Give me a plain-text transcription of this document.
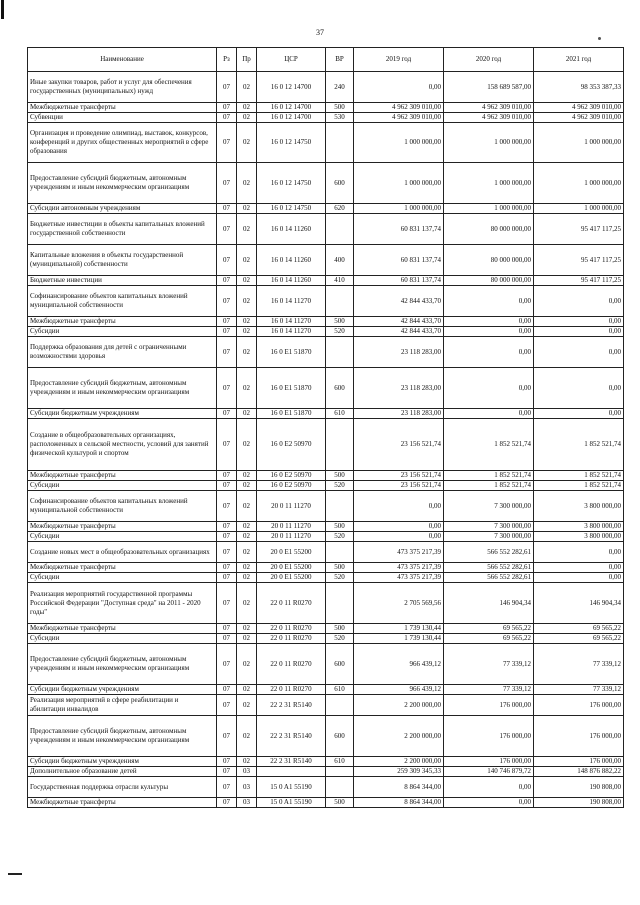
37
Наименование	Рз	Пр	ЦСР	ВР	2019 год	2020 год	2021 год
Иные закупки товаров, работ и услуг для обеспечения государственных (муниципальных) нужд	07	02	16 0 12 14700	240	0,00	158 689 587,00	98 353 387,33
Межбюджетные трансферты	07	02	16 0 12 14700	500	4 962 309 010,00	4 962 309 010,00	4 962 309 010,00
Субвенции	07	02	16 0 12 14700	530	4 962 309 010,00	4 962 309 010,00	4 962 309 010,00
Организация и проведение олимпиад, выставок, конкурсов, конференций и других общественных мероприятий в сфере образования	07	02	16 0 12 14750		1 000 000,00	1 000 000,00	1 000 000,00
Предоставление субсидий бюджетным, автономным учреждениям и иным некоммерческим организациям	07	02	16 0 12 14750	600	1 000 000,00	1 000 000,00	1 000 000,00
Субсидии автономным учреждениям	07	02	16 0 12 14750	620	1 000 000,00	1 000 000,00	1 000 000,00
Бюджетные инвестиции в объекты капитальных вложений государственной собственности	07	02	16 0 14 11260		60 831 137,74	80 000 000,00	95 417 117,25
Капитальные вложения в объекты государственной (муниципальной) собственности	07	02	16 0 14 11260	400	60 831 137,74	80 000 000,00	95 417 117,25
Бюджетные инвестиции	07	02	16 0 14 11260	410	60 831 137,74	80 000 000,00	95 417 117,25
Софинансирование объектов капитальных вложений муниципальной собственности	07	02	16 0 14 11270		42 844 433,70	0,00	0,00
Межбюджетные трансферты	07	02	16 0 14 11270	500	42 844 433,70	0,00	0,00
Субсидии	07	02	16 0 14 11270	520	42 844 433,70	0,00	0,00
Поддержка образования для детей с ограниченными возможностями здоровья	07	02	16 0 E1 51870		23 118 283,00	0,00	0,00
Предоставление субсидий бюджетным, автономным учреждениям и иным некоммерческим организациям	07	02	16 0 E1 51870	600	23 118 283,00	0,00	0,00
Субсидии бюджетным учреждениям	07	02	16 0 E1 51870	610	23 118 283,00	0,00	0,00
Создание в общеобразовательных организациях, расположенных в сельской местности, условий для занятий физической культурой и спортом	07	02	16 0 E2 50970		23 156 521,74	1 852 521,74	1 852 521,74
Межбюджетные трансферты	07	02	16 0 E2 50970	500	23 156 521,74	1 852 521,74	1 852 521,74
Субсидии	07	02	16 0 E2 50970	520	23 156 521,74	1 852 521,74	1 852 521,74
Софинансирование объектов капитальных вложений муниципальной собственности	07	02	20 0 11 11270		0,00	7 300 000,00	3 800 000,00
Межбюджетные трансферты	07	02	20 0 11 11270	500	0,00	7 300 000,00	3 800 000,00
Субсидии	07	02	20 0 11 11270	520	0,00	7 300 000,00	3 800 000,00
Создание новых мест в общеобразовательных организациях	07	02	20 0 E1 55200		473 375 217,39	566 552 282,61	0,00
Межбюджетные трансферты	07	02	20 0 E1 55200	500	473 375 217,39	566 552 282,61	0,00
Субсидии	07	02	20 0 E1 55200	520	473 375 217,39	566 552 282,61	0,00
Реализация мероприятий государственной программы Российской Федерации "Доступная среда" на 2011 - 2020 годы"	07	02	22 0 11 R0270		2 705 569,56	146 904,34	146 904,34
Межбюджетные трансферты	07	02	22 0 11 R0270	500	1 739 130,44	69 565,22	69 565,22
Субсидии	07	02	22 0 11 R0270	520	1 739 130,44	69 565,22	69 565,22
Предоставление субсидий бюджетным, автономным учреждениям и иным некоммерческим организациям	07	02	22 0 11 R0270	600	966 439,12	77 339,12	77 339,12
Субсидии бюджетным учреждениям	07	02	22 0 11 R0270	610	966 439,12	77 339,12	77 339,12
Реализация мероприятий в сфере реабилитации и абилитации инвалидов	07	02	22 2 31 R5140		2 200 000,00	176 000,00	176 000,00
Предоставление субсидий бюджетным, автономным учреждениям и иным некоммерческим организациям	07	02	22 2 31 R5140	600	2 200 000,00	176 000,00	176 000,00
Субсидии бюджетным учреждениям	07	02	22 2 31 R5140	610	2 200 000,00	176 000,00	176 000,00
Дополнительное образование детей	07	03			259 309 345,33	140 746 879,72	148 876 882,22
Государственная поддержка отрасли культуры	07	03	15 0 A1 55190		8 864 344,00	0,00	190 808,00
Межбюджетные трансферты	07	03	15 0 A1 55190	500	8 864 344,00	0,00	190 808,00
